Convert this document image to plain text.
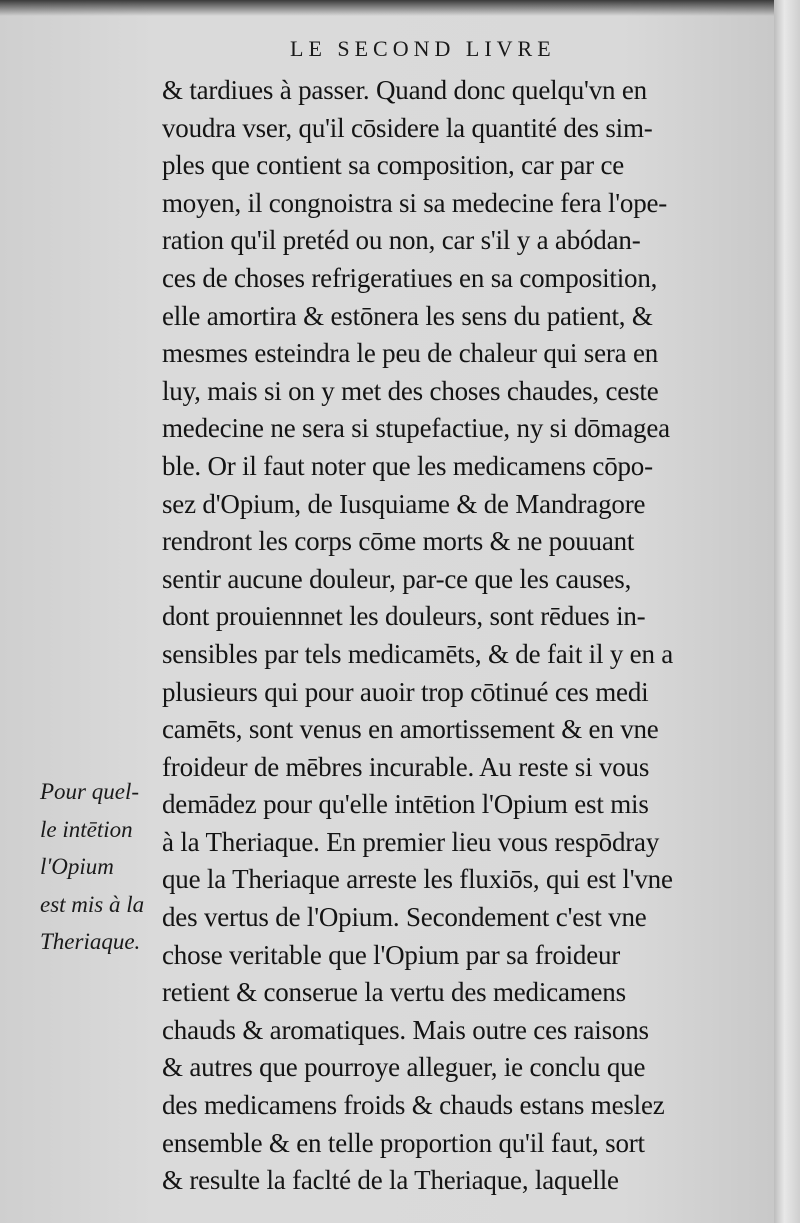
LE SECOND LIVRE
& tardiues à passer. Quand donc quelqu'vn en
voudra vser, qu'il cōsidere la quantité des sim-
ples que contient sa composition, car par ce
moyen, il congnoistra si sa medecine fera l'ope-
ration qu'il pretéd ou non, car s'il y a abódan-
ces de choses refrigeratiues en sa composition,
elle amortira & estōnera les sens du patient, &
mesmes esteindra le peu de chaleur qui sera en
luy, mais si on y met des choses chaudes, ceste
medecine ne sera si stupefactiue, ny si dōmagea
ble. Or il faut noter que les medicamens cōpo-
sez d'Opium, de Iusquiame & de Mandragore
rendront les corps cōme morts & ne pouuant
sentir aucune douleur, par-ce que les causes,
dont prouiennnet les douleurs, sont rēdues in-
sensibles par tels medicamēts, & de fait il y en a
plusieurs qui pour auoir trop cōtinué ces medi
camēts, sont venus en amortissement & en vne
froideur de mēbres incurable. Au reste si vous
demādez pour qu'elle intētion l'Opium est mis
à la Theriaque. En premier lieu vous respōdray
que la Theriaque arreste les fluxiōs, qui est l'vne
des vertus de l'Opium. Secondement c'est vne
chose veritable que l'Opium par sa froideur
retient & conserue la vertu des medicamens
chauds & aromatiques. Mais outre ces raisons
& autres que pourroye alleguer, ie conclu que
des medicamens froids & chauds estans meslez
ensemble & en telle proportion qu'il faut, sort
& resulte la faclté de la Theriaque, laquelle
Pour quel-
le intētion
l'Opium
est mis à la
Theriaque.
